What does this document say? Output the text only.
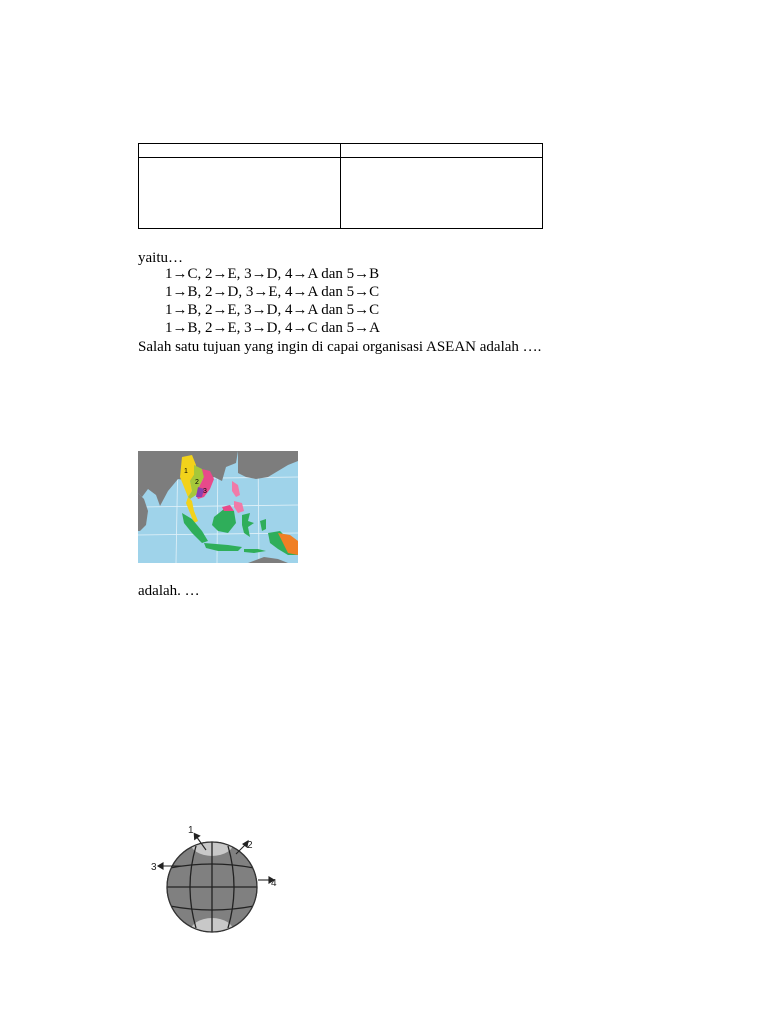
yaitu…
1→C, 2→E, 3→D, 4→A dan 5→B
1→B, 2→D, 3→E, 4→A dan 5→C
1→B, 2→E, 3→D, 4→A dan 5→C
1→B, 2→E, 3→D, 4→C dan 5→A
Salah satu tujuan yang ingin di capai organisasi ASEAN adalah ….
1
2
3
adalah. …
1
2
3
4
